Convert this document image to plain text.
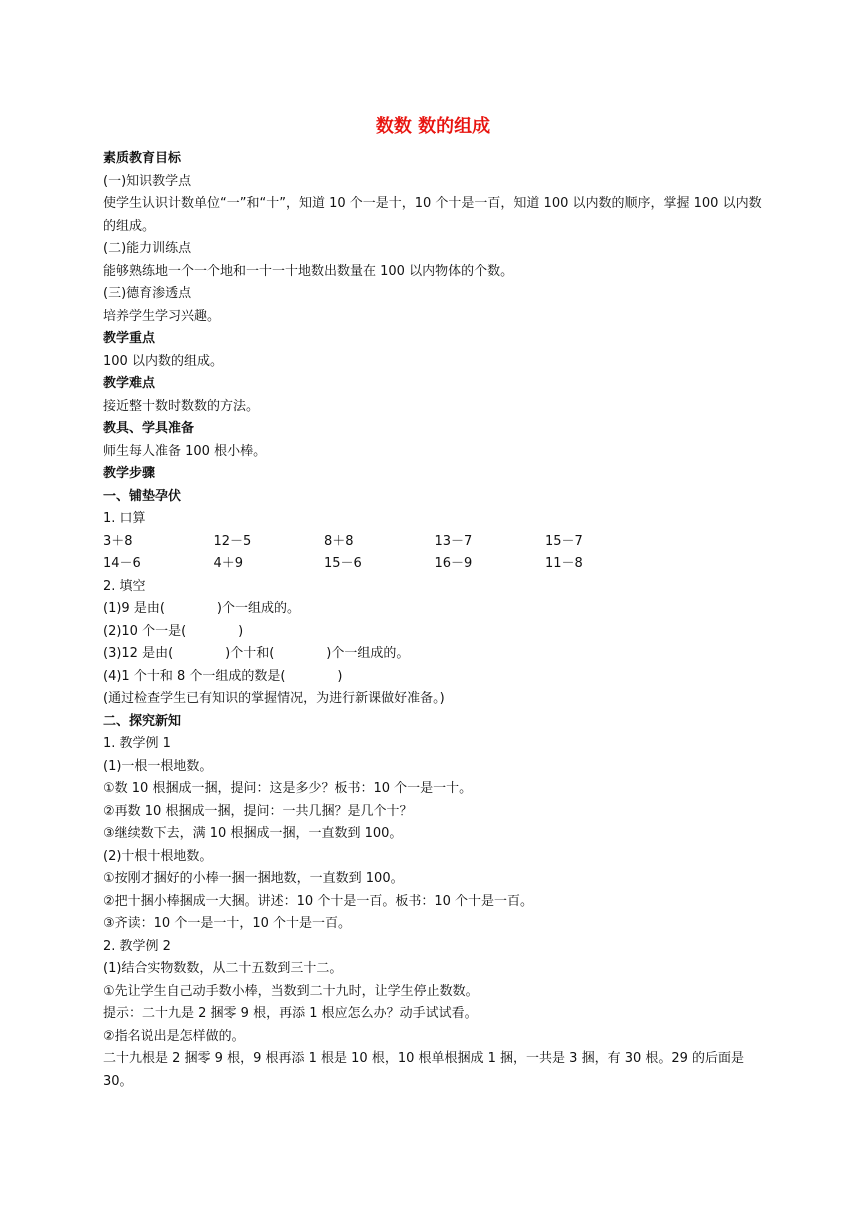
数数 数的组成

素质教育目标

(一)知识教学点

使学生认识计数单位“一”和“十”，知道 10 个一是十，10 个十是一百，知道 100 以内数的顺序，掌握 100 以内数的组成。

(二)能力训练点

能够熟练地一个一个地和一十一十地数出数量在 100 以内物体的个数。

(三)德育渗透点

培养学生学习兴趣。

教学重点

100 以内数的组成。

教学难点

接近整十数时数数的方法。

教具、学具准备

师生每人准备 100 根小棒。

教学步骤

一、铺垫孕伏

1. 口算

3＋8	12－5	8＋8	13－7	15－7
14－6	4＋9	15－6	16－9	11－8

2. 填空

(1)9 是由(　　　　)个一组成的。

(2)10 个一是(　　　　)

(3)12 是由(　　　　)个十和(　　　　)个一组成的。

(4)1 个十和 8 个一组成的数是(　　　　)

(通过检查学生已有知识的掌握情况，为进行新课做好准备。)

二、探究新知

1. 教学例 1

(1)一根一根地数。

①数 10 根捆成一捆，提问：这是多少？板书：10 个一是一十。

②再数 10 根捆成一捆，提问：一共几捆？是几个十？

③继续数下去，满 10 根捆成一捆，一直数到 100。

(2)十根十根地数。

①按刚才捆好的小棒一捆一捆地数，一直数到 100。

②把十捆小棒捆成一大捆。讲述：10 个十是一百。板书：10 个十是一百。

③齐读：10 个一是一十，10 个十是一百。

2. 教学例 2

(1)结合实物数数，从二十五数到三十二。

①先让学生自己动手数小棒，当数到二十九时，让学生停止数数。

提示：二十九是 2 捆零 9 根，再添 1 根应怎么办？动手试试看。

②指名说出是怎样做的。

二十九根是 2 捆零 9 根，9 根再添 1 根是 10 根，10 根单根捆成 1 捆，一共是 3 捆，有 30 根。29 的后面是 30。
